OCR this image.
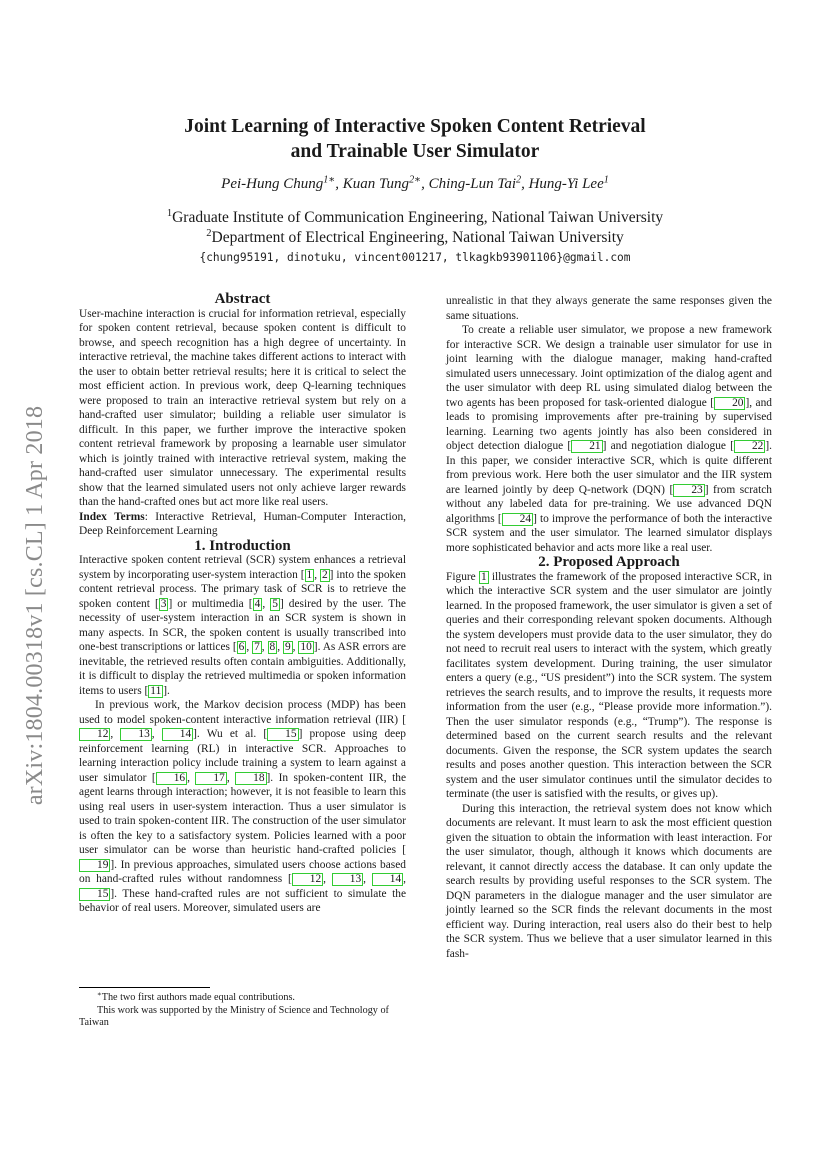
arXiv:1804.00318v1 [cs.CL] 1 Apr 2018
Joint Learning of Interactive Spoken Content Retrieval
and Trainable User Simulator
Pei-Hung Chung$^{1∗}$, Kuan Tung$^{2∗}$, Ching-Lun Tai$^2$, Hung-Yi Lee$^1$
$^1$Graduate Institute of Communication Engineering, National Taiwan University
$^2$Department of Electrical Engineering, National Taiwan University
{chung95191, dinotuku, vincent001217, tlkagkb93901106}@gmail.com
Abstract

User-machine interaction is crucial for information retrieval, especially for spoken content retrieval, because spoken content is difficult to browse, and speech recognition has a high degree of uncertainty. In interactive retrieval, the machine takes different actions to interact with the user to obtain better retrieval results; here it is critical to select the most efficient action. In previous work, deep Q-learning techniques were proposed to train an interactive retrieval system but rely on a hand-crafted user simulator; building a reliable user simulator is difficult. In this paper, we further improve the interactive spoken content retrieval framework by proposing a learnable user simulator which is jointly trained with interactive retrieval system, making the hand-crafted user simulator unnecessary. The experimental results show that the learned simulated users not only achieve larger rewards than the hand-crafted ones but act more like real users.

Index Terms: Interactive Retrieval, Human-Computer Interaction, Deep Reinforcement Learning

1. Introduction

Interactive spoken content retrieval (SCR) system enhances a retrieval system by incorporating user-system interaction [ 1 , 2 ] into the spoken content retrieval process. The primary task of SCR is to retrieve the spoken content [ 3 ] or multimedia [ 4 , 5 ] desired by the user. The necessity of user-system interaction in an SCR system is shown in many aspects. In SCR, the spoken content is usually transcribed into one-best transcriptions or lattices [ 6 , 7 , 8 , 9 , 10 ]. As ASR errors are inevitable, the retrieved results often contain ambiguities. Additionally, it is difficult to display the retrieved multimedia or spoken information items to users [ 11 ].

In previous work, the Markov decision process (MDP) has been used to model spoken-content interactive information retrieval (IIR) [12 , 13 , 14 ]. Wu et al. [ 15 ] propose using deep reinforcement learning (RL) in interactive SCR. Approaches to learning interaction policy include training a system to learn against a user simulator [ 16 , 17 , 18 ]. In spoken-content IIR, the agent learns through interaction; however, it is not feasible to learn this using real users in user-system interaction. Thus a user simulator is used to train spoken-content IIR. The construction of the user simulator is often the key to a satisfactory system. Policies learned with a poor user simulator can be worse than heuristic hand-crafted policies [19 ]. In previous approaches, simulated users choose actions based on hand-crafted rules without randomness [ 12 , 13 , 14 , 15 ]. These hand-crafted rules are not sufficient to simulate the behavior of real users. Moreover, simulated users are

∗The two first authors made equal contributions.

This work was supported by the Ministry of Science and Technology of Taiwan

unrealistic in that they always generate the same responses given the same situations.

To create a reliable user simulator, we propose a new framework for interactive SCR. We design a trainable user simulator for use in joint learning with the dialogue manager, making hand-crafted simulated users unnecessary. Joint optimization of the dialog agent and the user simulator with deep RL using simulated dialog between the two agents has been proposed for task-oriented dialogue [ 20 ], and leads to promising improvements after pre-training by supervised learning. Learning two agents jointly has also been considered in object detection dialogue [ 21 ] and negotiation dialogue [ 22 ]. In this paper, we consider interactive SCR, which is quite different from previous work. Here both the user simulator and the IIR system are learned jointly by deep Q-network (DQN) [ 23 ] from scratch without any labeled data for pre-training. We use advanced DQN algorithms [ 24 ] to improve the performance of both the interactive SCR system and the user simulator. The learned simulator displays more sophisticated behavior and acts more like a real user.

2. Proposed Approach

Figure 1 illustrates the framework of the proposed interactive SCR, in which the interactive SCR system and the user simulator are jointly learned. In the proposed framework, the user simulator is given a set of queries and their corresponding relevant spoken documents. Although the system developers must provide data to the user simulator, they do not need to recruit real users to interact with the system, which greatly facilitates system development. During training, the user simulator enters a query (e.g., “US president”) into the SCR system. The system retrieves the search results, and to improve the results, it requests more information from the user (e.g., “Please provide more information.”). Then the user simulator responds (e.g., “Trump”). The response is determined based on the current search results and the relevant documents. Given the response, the SCR system updates the search results and poses another question. This interaction between the SCR system and the user simulator continues until the simulator decides to terminate (the user is satisfied with the results, or gives up).

During this interaction, the retrieval system does not know which documents are relevant. It must learn to ask the most efficient question given the situation to obtain the information with least interaction. For the user simulator, though, although it knows which documents are relevant, it cannot directly access the database. It can only update the search results by providing useful responses to the SCR system. The DQN parameters in the dialogue manager and the user simulator are jointly learned so the SCR finds the relevant documents in the most efficient way. During interaction, real users also do their best to help the SCR system. Thus we believe that a user simulator learned in this fash-
